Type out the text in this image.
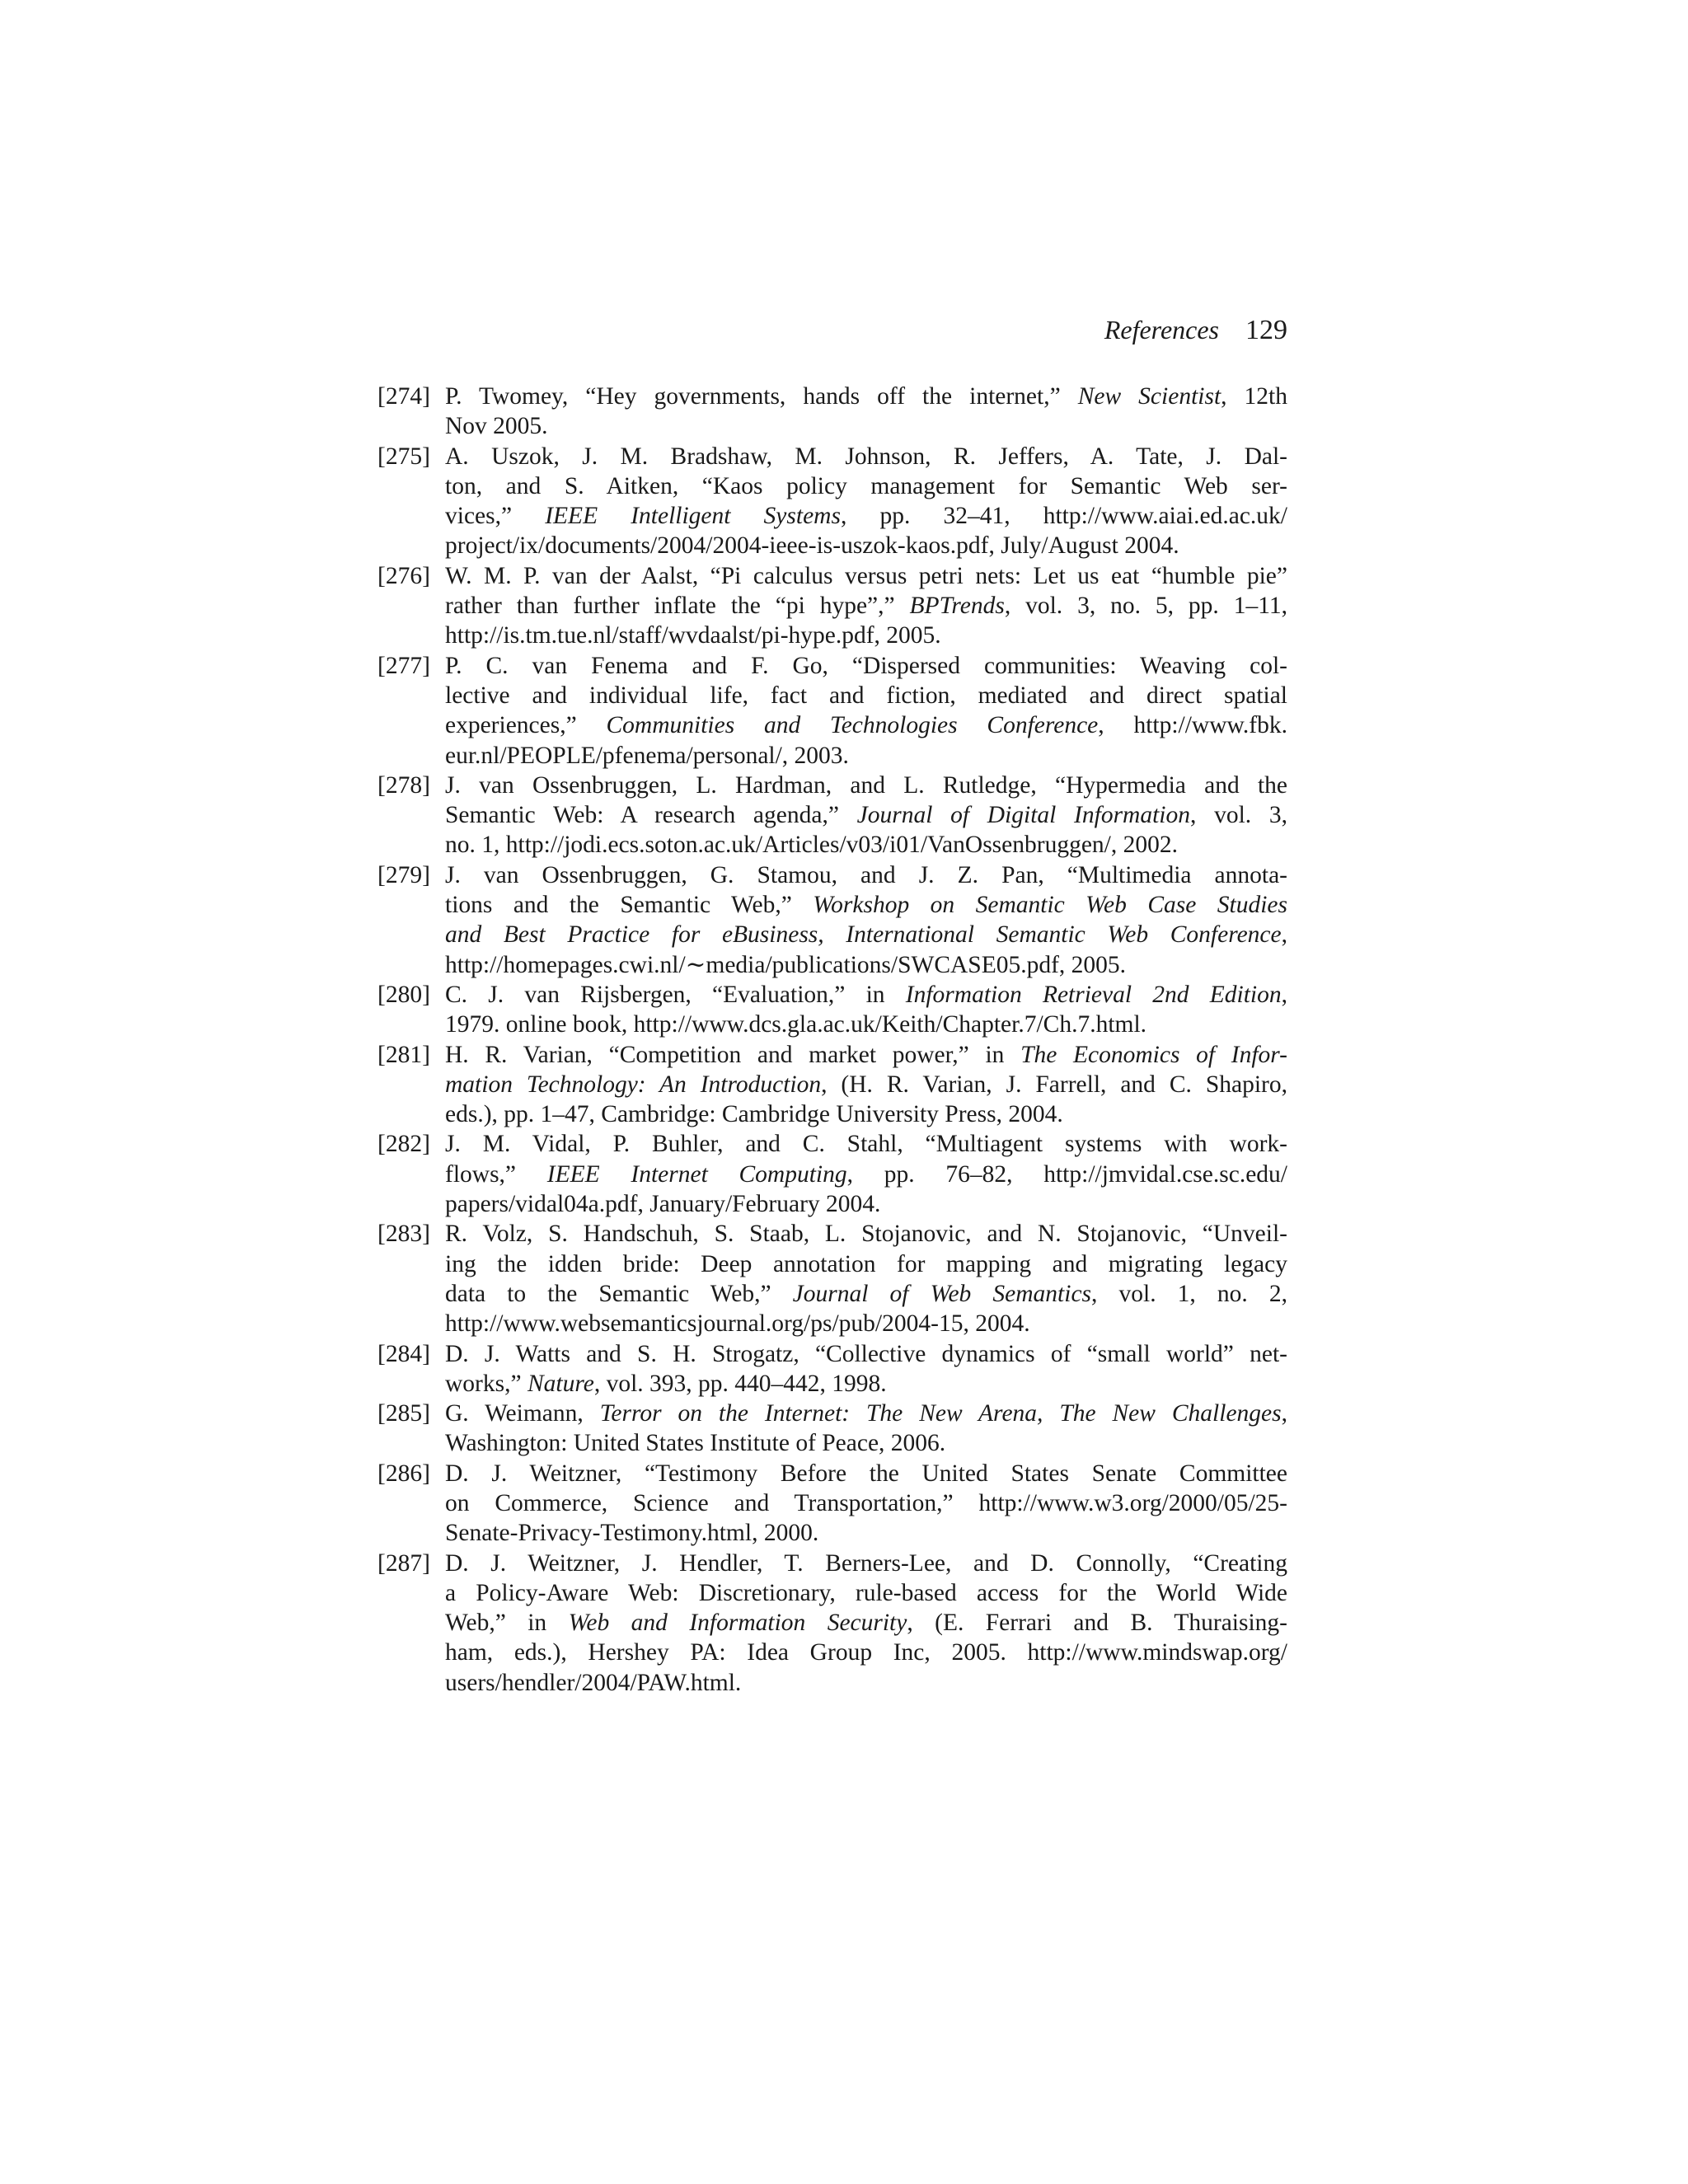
References 129
[274] P. Twomey, “Hey governments, hands off the internet,” New Scientist, 12th
Nov 2005.
[275] A. Uszok, J. M. Bradshaw, M. Johnson, R. Jeffers, A. Tate, J. Dal-
ton, and S. Aitken, “Kaos policy management for Semantic Web ser-
vices,” IEEE Intelligent Systems, pp. 32–41, http://www.aiai.ed.ac.uk/
project/ix/documents/2004/2004-ieee-is-uszok-kaos.pdf, July/August 2004.
[276] W. M. P. van der Aalst, “Pi calculus versus petri nets: Let us eat “humble pie”
rather than further inflate the “pi hype”,” BPTrends, vol. 3, no. 5, pp. 1–11,
http://is.tm.tue.nl/staff/wvdaalst/pi-hype.pdf, 2005.
[277] P. C. van Fenema and F. Go, “Dispersed communities: Weaving col-
lective and individual life, fact and fiction, mediated and direct spatial
experiences,” Communities and Technologies Conference, http://www.fbk.
eur.nl/PEOPLE/pfenema/personal/, 2003.
[278] J. van Ossenbruggen, L. Hardman, and L. Rutledge, “Hypermedia and the
Semantic Web: A research agenda,” Journal of Digital Information, vol. 3,
no. 1, http://jodi.ecs.soton.ac.uk/Articles/v03/i01/VanOssenbruggen/, 2002.
[279] J. van Ossenbruggen, G. Stamou, and J. Z. Pan, “Multimedia annota-
tions and the Semantic Web,” Workshop on Semantic Web Case Studies
and Best Practice for eBusiness, International Semantic Web Conference,
http://homepages.cwi.nl/∼media/publications/SWCASE05.pdf, 2005.
[280] C. J. van Rijsbergen, “Evaluation,” in Information Retrieval 2nd Edition,
1979. online book, http://www.dcs.gla.ac.uk/Keith/Chapter.7/Ch.7.html.
[281] H. R. Varian, “Competition and market power,” in The Economics of Infor-
mation Technology: An Introduction, (H. R. Varian, J. Farrell, and C. Shapiro,
eds.), pp. 1–47, Cambridge: Cambridge University Press, 2004.
[282] J. M. Vidal, P. Buhler, and C. Stahl, “Multiagent systems with work-
flows,” IEEE Internet Computing, pp. 76–82, http://jmvidal.cse.sc.edu/
papers/vidal04a.pdf, January/February 2004.
[283] R. Volz, S. Handschuh, S. Staab, L. Stojanovic, and N. Stojanovic, “Unveil-
ing the idden bride: Deep annotation for mapping and migrating legacy
data to the Semantic Web,” Journal of Web Semantics, vol. 1, no. 2,
http://www.websemanticsjournal.org/ps/pub/2004-15, 2004.
[284] D. J. Watts and S. H. Strogatz, “Collective dynamics of “small world” net-
works,” Nature, vol. 393, pp. 440–442, 1998.
[285] G. Weimann, Terror on the Internet: The New Arena, The New Challenges,
Washington: United States Institute of Peace, 2006.
[286] D. J. Weitzner, “Testimony Before the United States Senate Committee
on Commerce, Science and Transportation,” http://www.w3.org/2000/05/25-
Senate-Privacy-Testimony.html, 2000.
[287] D. J. Weitzner, J. Hendler, T. Berners-Lee, and D. Connolly, “Creating
a Policy-Aware Web: Discretionary, rule-based access for the World Wide
Web,” in Web and Information Security, (E. Ferrari and B. Thuraising-
ham, eds.), Hershey PA: Idea Group Inc, 2005. http://www.mindswap.org/
users/hendler/2004/PAW.html.
